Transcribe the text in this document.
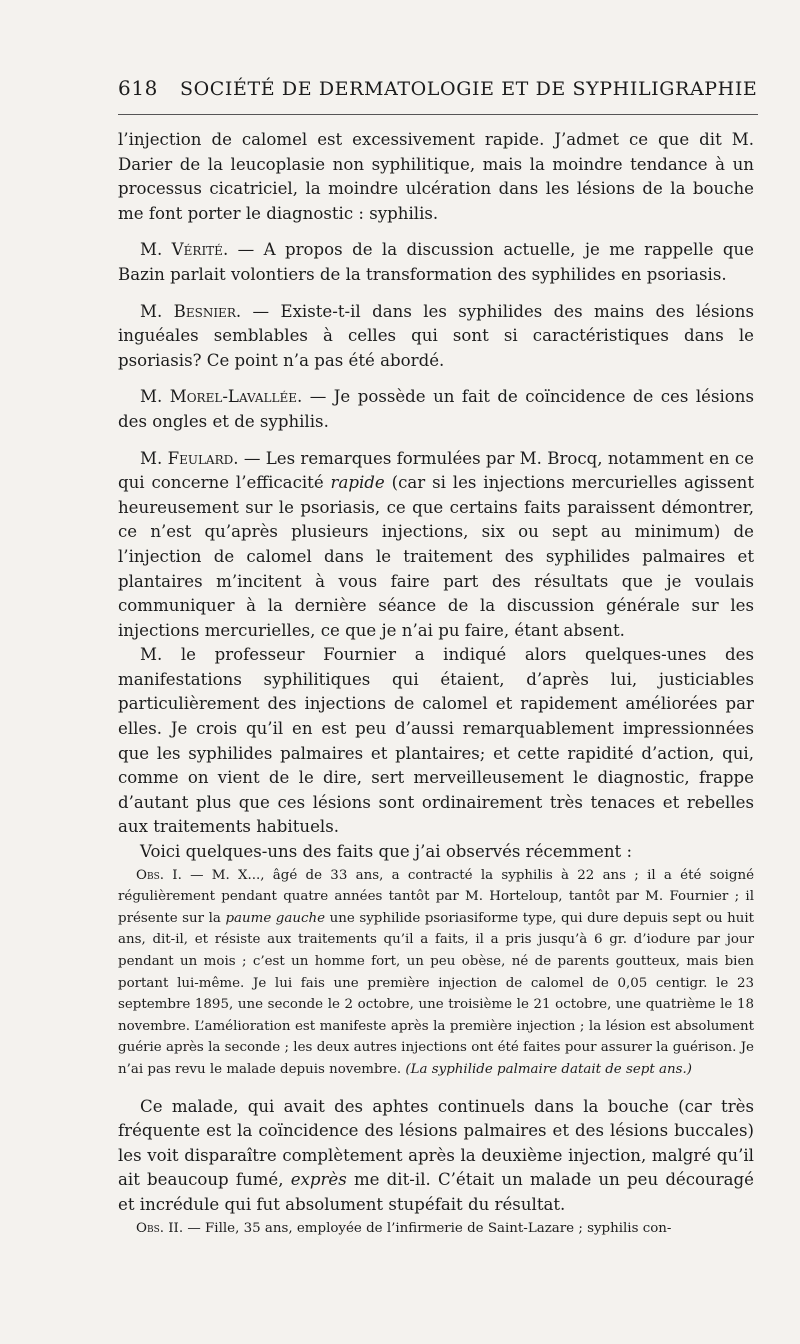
618 SOCIÉTÉ DE DERMATOLOGIE ET DE SYPHILIGRAPHIE

l’injection de calomel est excessivement rapide. J’admet ce que dit M. Darier de la leucoplasie non syphilitique, mais la moindre tendance à un processus cicatriciel, la moindre ulcération dans les lésions de la bouche me font porter le diagnostic : syphilis.

M. Vérité. — A propos de la discussion actuelle, je me rappelle que Bazin parlait volontiers de la transformation des syphilides en psoriasis.

M. Besnier. — Existe-t-il dans les syphilides des mains des lésions inguéales semblables à celles qui sont si caractéristiques dans le psoriasis? Ce point n’a pas été abordé.

M. Morel-Lavallée. — Je possède un fait de coïncidence de ces lésions des ongles et de syphilis.

M. Feulard. — Les remarques formulées par M. Brocq, notamment en ce qui concerne l’efficacité rapide (car si les injections mercurielles agissent heureusement sur le psoriasis, ce que certains faits paraissent démontrer, ce n’est qu’après plusieurs injections, six ou sept au minimum) de l’injection de calomel dans le traitement des syphilides palmaires et plantaires m’incitent à vous faire part des résultats que je voulais communiquer à la dernière séance de la discussion générale sur les injections mercurielles, ce que je n’ai pu faire, étant absent.

M. le professeur Fournier a indiqué alors quelques-unes des manifestations syphilitiques qui étaient, d’après lui, justiciables particulièrement des injections de calomel et rapidement améliorées par elles. Je crois qu’il en est peu d’aussi remarquablement impressionnées que les syphilides palmaires et plantaires; et cette rapidité d’action, qui, comme on vient de le dire, sert merveilleusement le diagnostic, frappe d’autant plus que ces lésions sont ordinairement très tenaces et rebelles aux traitements habituels.

Voici quelques-uns des faits que j’ai observés récemment :

Obs. I. — M. X..., âgé de 33 ans, a contracté la syphilis à 22 ans ; il a été soigné régulièrement pendant quatre années tantôt par M. Horteloup, tantôt par M. Fournier ; il présente sur la paume gauche une syphilide psoriasiforme type, qui dure depuis sept ou huit ans, dit-il, et résiste aux traitements qu’il a faits, il a pris jusqu’à 6 gr. d’iodure par jour pendant un mois ; c’est un homme fort, un peu obèse, né de parents goutteux, mais bien portant lui-même. Je lui fais une première injection de calomel de 0,05 centigr. le 23 septembre 1895, une seconde le 2 octobre, une troisième le 21 octobre, une quatrième le 18 novembre. L’amélioration est manifeste après la première injection ; la lésion est absolument guérie après la seconde ; les deux autres injections ont été faites pour assurer la guérison. Je n’ai pas revu le malade depuis novembre. (La syphilide palmaire datait de sept ans.)

Ce malade, qui avait des aphtes continuels dans la bouche (car très fréquente est la coïncidence des lésions palmaires et des lésions buccales) les voit disparaître complètement après la deuxième injection, malgré qu’il ait beaucoup fumé, exprès me dit-il. C’était un malade un peu découragé et incrédule qui fut absolument stupéfait du résultat.

Obs. II. — Fille, 35 ans, employée de l’infirmerie de Saint-Lazare ; syphilis con-
